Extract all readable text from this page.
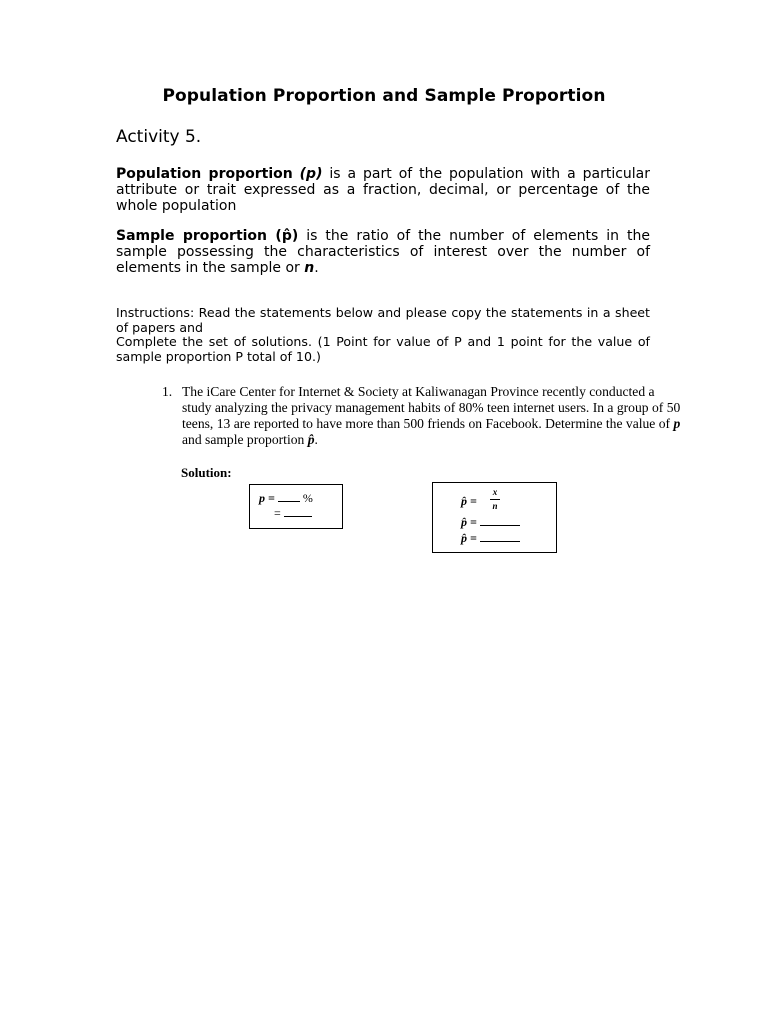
Population Proportion and Sample Proportion
Activity 5.
Population proportion (p) is a part of the population with a particular attribute or trait expressed as a fraction, decimal, or percentage of the whole population
Sample proportion (p̂) is the ratio of the number of elements in the sample possessing the characteristics of interest over the number of elements in the sample or n.
Instructions: Read the statements below and please copy the statements in a sheet of papers and
Complete the set of solutions. (1 Point for value of P and 1 point for the value of sample proportion P total of 10.)
1. The iCare Center for Internet & Society at Kaliwanagan Province recently conducted a study analyzing the privacy management habits of 80% teen internet users. In a group of 50 teens, 13 are reported to have more than 500 friends on Facebook. Determine the value of p and sample proportion p̂.
Solution:
p = %
=
p̂ =
x
n
p̂ =
p̂ =
